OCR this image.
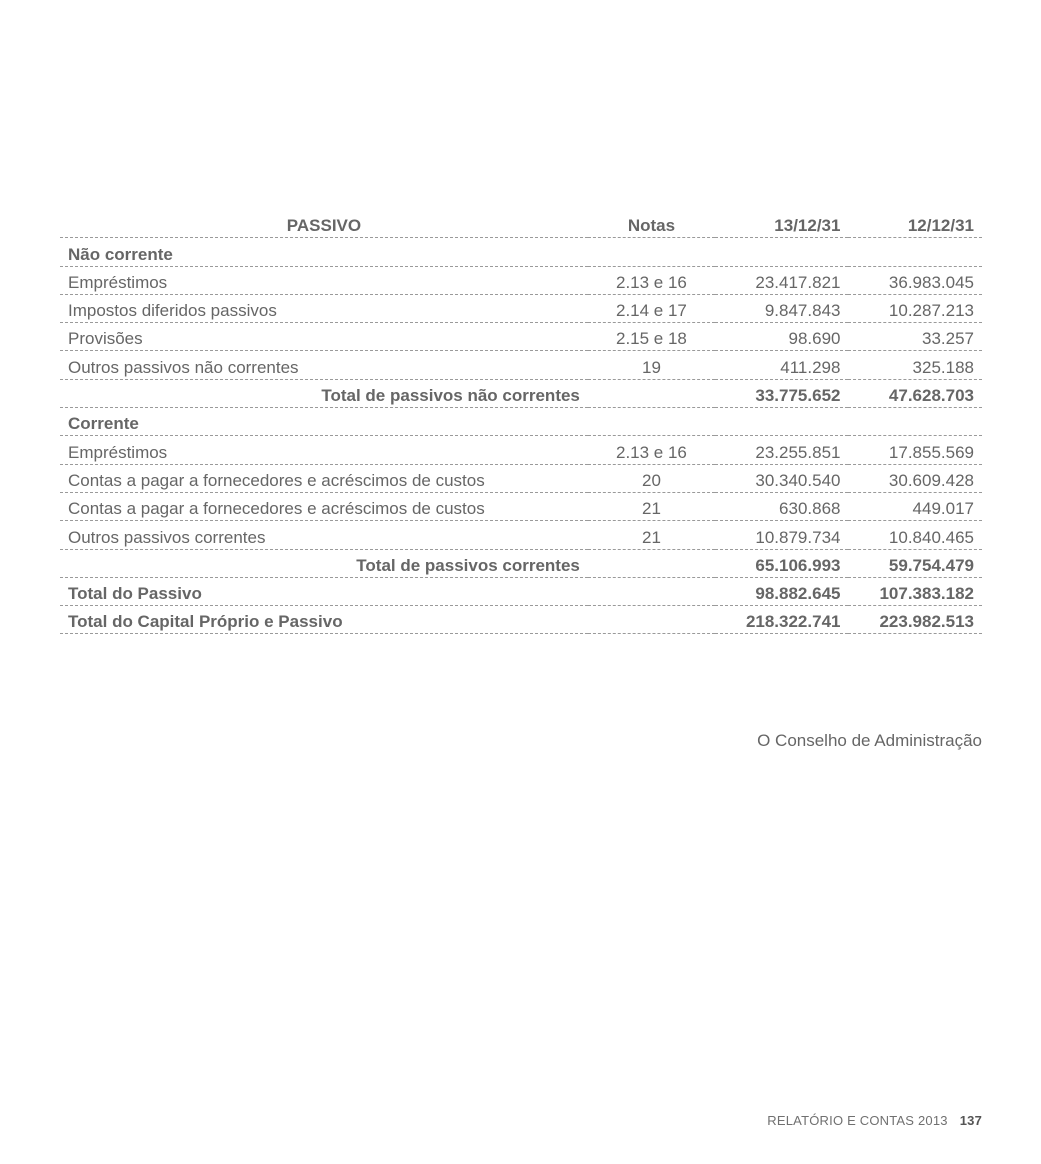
PASSIVO	Notas	13/12/31	12/12/31
Não corrente			
Empréstimos	2.13 e 16	23.417.821	36.983.045
Impostos diferidos passivos	2.14 e 17	9.847.843	10.287.213
Provisões	2.15 e 18	98.690	33.257
Outros passivos não correntes	19	411.298	325.188
Total de passivos não correntes		33.775.652	47.628.703
Corrente			
Empréstimos	2.13 e 16	23.255.851	17.855.569
Contas a pagar a fornecedores e acréscimos de custos	20	30.340.540	30.609.428
Contas a pagar a fornecedores e acréscimos de custos	21	630.868	449.017
Outros passivos correntes	21	10.879.734	10.840.465
Total de passivos correntes		65.106.993	59.754.479
Total do Passivo		98.882.645	107.383.182
Total do Capital Próprio e Passivo		218.322.741	223.982.513
O Conselho de Administração
RELATÓRIO E CONTAS 2013 137
